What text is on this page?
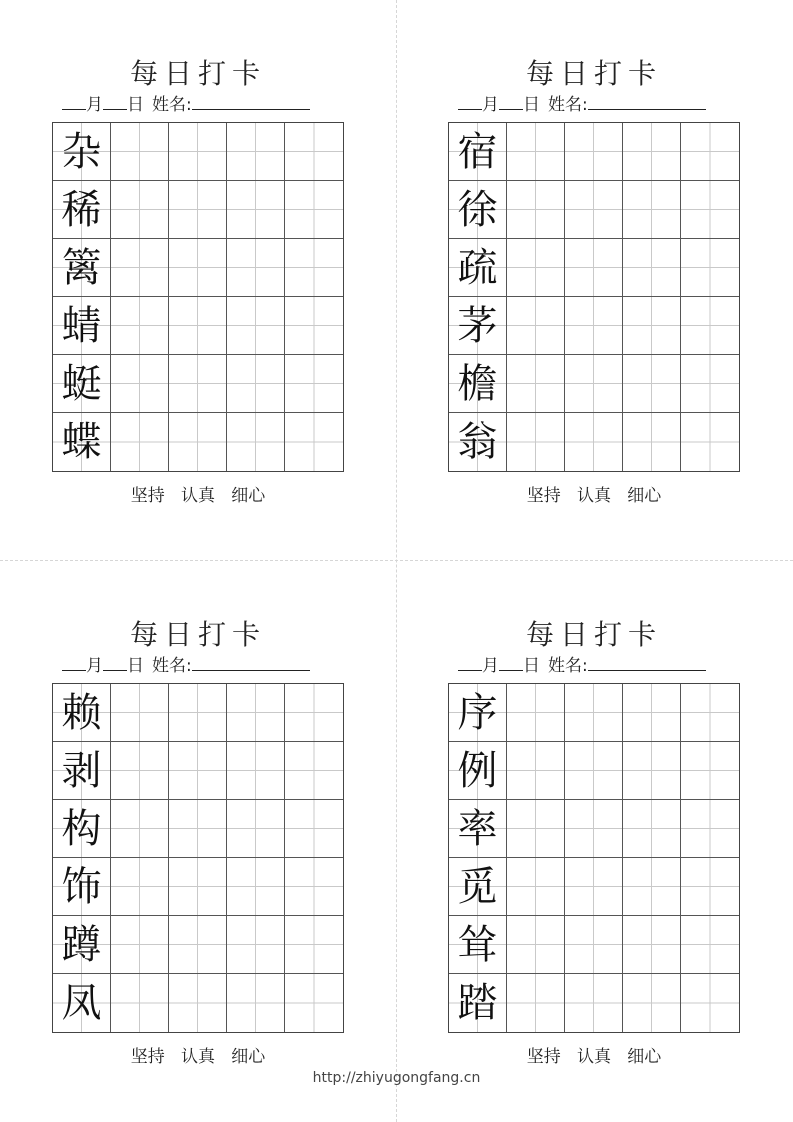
每日打卡
月 日 姓名:
杂
稀
篱
蜻
蜓
蝶
坚持   认真   细心
每日打卡
月 日 姓名:
宿
徐
疏
茅
檐
翁
坚持   认真   细心
每日打卡
月 日 姓名:
赖
剥
构
饰
蹲
凤
坚持   认真   细心
每日打卡
月 日 姓名:
序
例
率
觅
耸
踏
坚持   认真   细心
http://zhiyugongfang.cn
